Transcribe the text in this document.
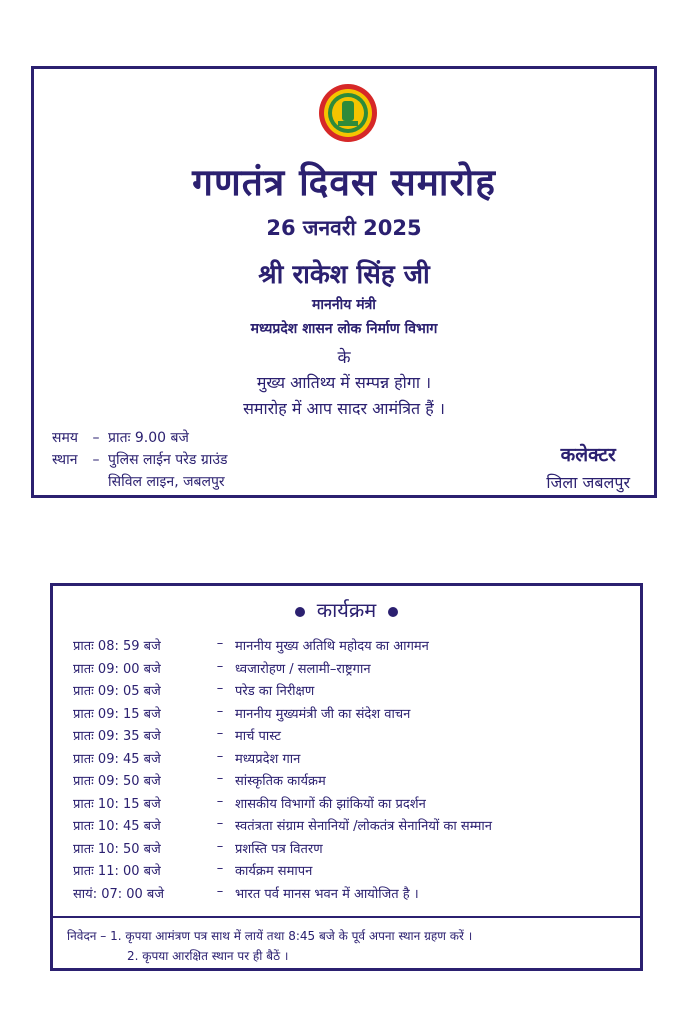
गणतंत्र दिवस समारोह
26 जनवरी 2025
श्री राकेश सिंह जी
माननीय मंत्री
मध्यप्रदेश शासन लोक निर्माण विभाग
के
मुख्य आतिथ्य में सम्पन्न होगा ।
समारोह में आप सादर आमंत्रित हैं ।
समय – प्रातः 9.00 बजे
स्थान – पुलिस लाईन परेड ग्राउंड
सिविल लाइन, जबलपुर
कलेक्टर
जिला जबलपुर
कार्यक्रम
प्रातः 08: 59 बजे	– माननीय मुख्य अतिथि महोदय का आगमन
प्रातः 09: 00 बजे	– ध्वजारोहण / सलामी–राष्ट्रगान
प्रातः 09: 05 बजे	– परेड का निरीक्षण
प्रातः 09: 15 बजे	– माननीय मुख्यमंत्री जी का संदेश वाचन
प्रातः 09: 35 बजे	– मार्च पास्ट
प्रातः 09: 45 बजे	– मध्यप्रदेश गान
प्रातः 09: 50 बजे	– सांस्कृतिक कार्यक्रम
प्रातः 10: 15 बजे	– शासकीय विभागों की झांकियों का प्रदर्शन
प्रातः 10: 45 बजे	– स्वतंत्रता संग्राम सेनानियों /लोकतंत्र सेनानियों का सम्मान
प्रातः 10: 50 बजे	– प्रशस्ति पत्र वितरण
प्रातः 11: 00 बजे	– कार्यक्रम समापन
सायं: 07: 00 बजे	– भारत पर्व मानस भवन में आयोजित है ।
निवेदन – 1. कृपया आमंत्रण पत्र साथ में लायें तथा 8:45 बजे के पूर्व अपना स्थान ग्रहण करें ।
2. कृपया आरक्षित स्थान पर ही बैठें ।
